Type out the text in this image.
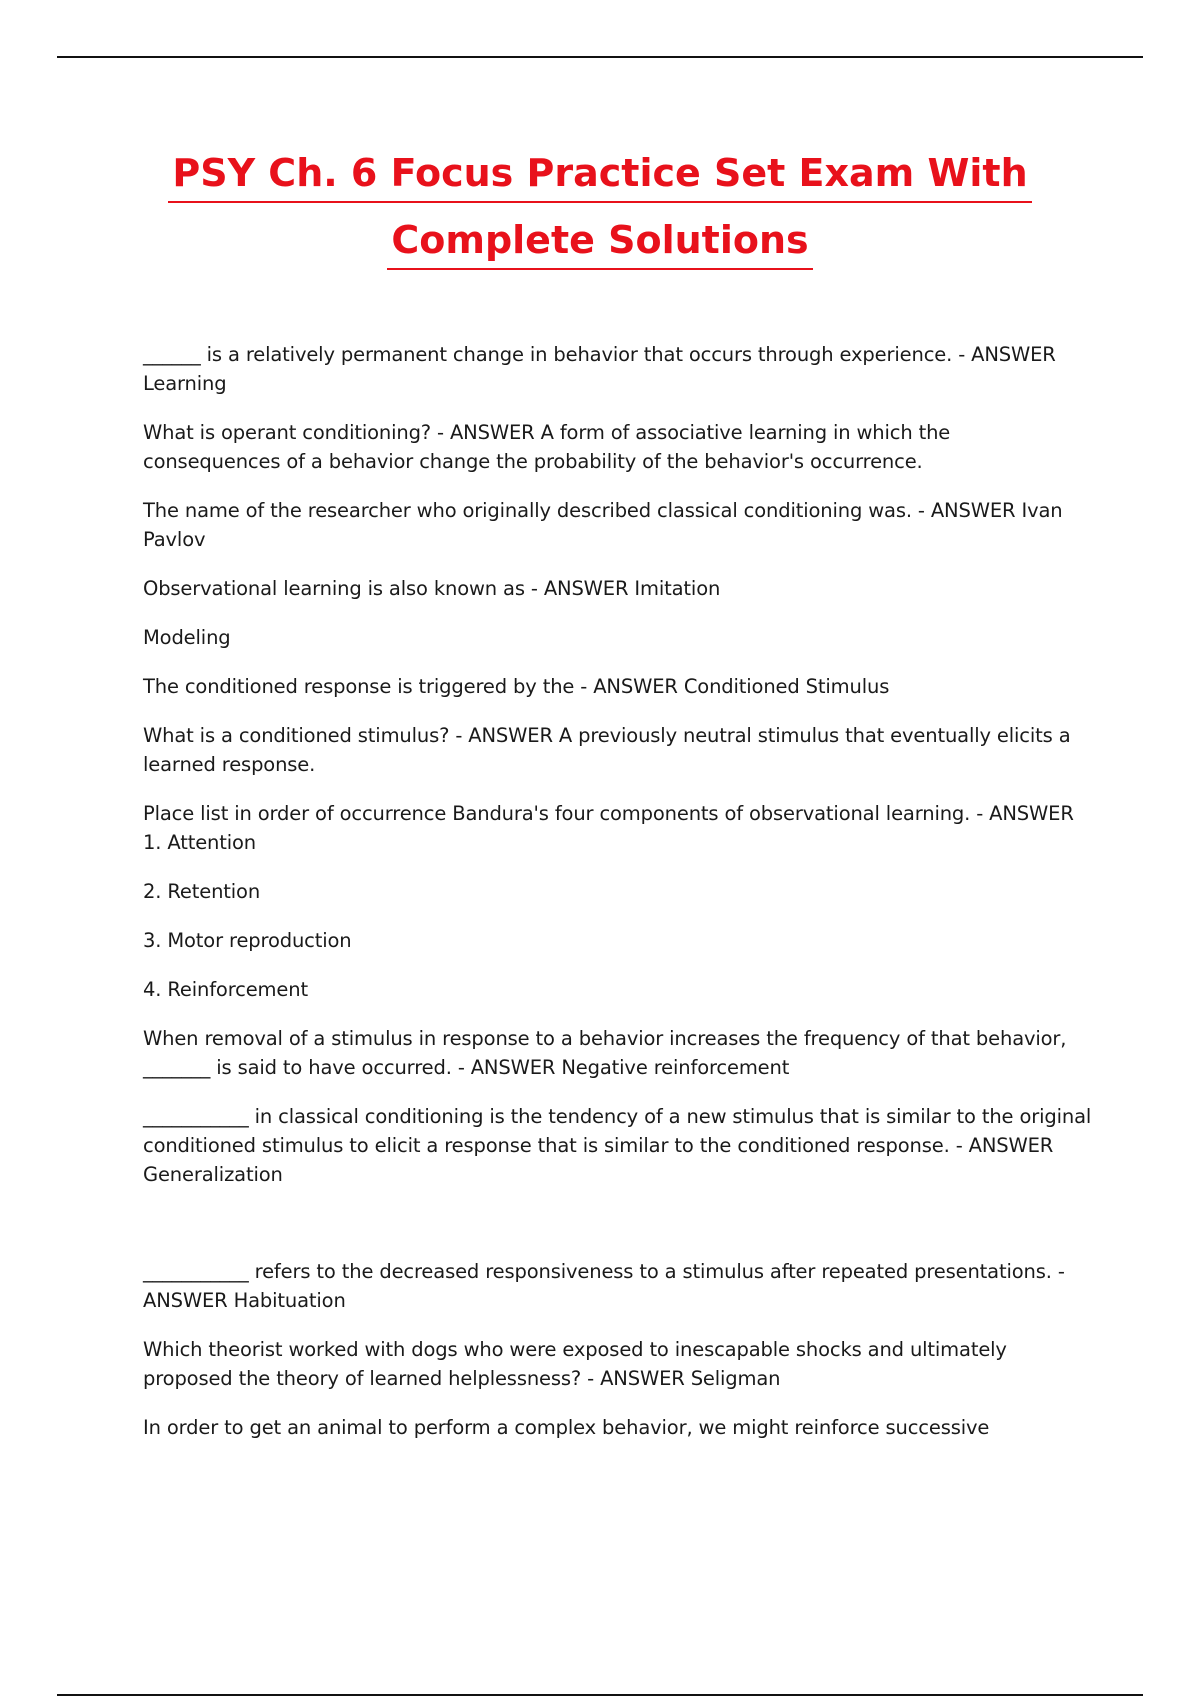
PSY Ch. 6 Focus Practice Set Exam With
Complete Solutions

______ is a relatively permanent change in behavior that occurs through experience. - ANSWER Learning

What is operant conditioning? - ANSWER A form of associative learning in which the consequences of a behavior change the probability of the behavior's occurrence.

The name of the researcher who originally described classical conditioning was. - ANSWER Ivan Pavlov

Observational learning is also known as - ANSWER Imitation

Modeling

The conditioned response is triggered by the - ANSWER Conditioned Stimulus

What is a conditioned stimulus? - ANSWER A previously neutral stimulus that eventually elicits a learned response.

Place list in order of occurrence Bandura's four components of observational learning. - ANSWER 1. Attention

2. Retention

3. Motor reproduction

4. Reinforcement

When removal of a stimulus in response to a behavior increases the frequency of that behavior, _______ is said to have occurred. - ANSWER Negative reinforcement

___________ in classical conditioning is the tendency of a new stimulus that is similar to the original conditioned stimulus to elicit a response that is similar to the conditioned response. - ANSWER Generalization

___________ refers to the decreased responsiveness to a stimulus after repeated presentations. - ANSWER Habituation

Which theorist worked with dogs who were exposed to inescapable shocks and ultimately proposed the theory of learned helplessness? - ANSWER Seligman

In order to get an animal to perform a complex behavior, we might reinforce successive
